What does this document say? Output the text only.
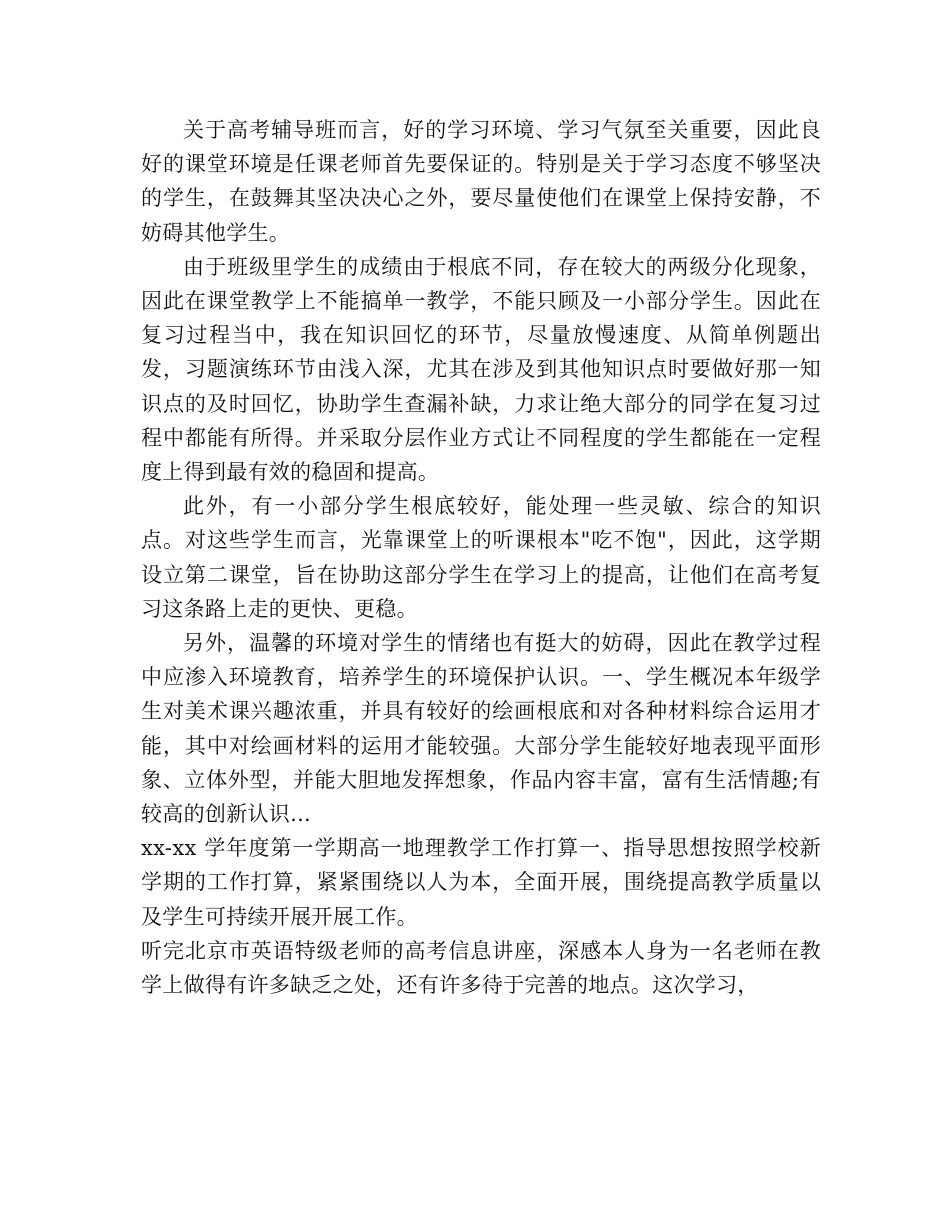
关于高考辅导班而言，好的学习环境、学习气氛至关重要，因此良好的课堂环境是任课老师首先要保证的。特别是关于学习态度不够坚决的学生，在鼓舞其坚决决心之外，要尽量使他们在课堂上保持安静，不妨碍其他学生。

由于班级里学生的成绩由于根底不同，存在较大的两级分化现象，因此在课堂教学上不能搞单一教学，不能只顾及一小部分学生。因此在复习过程当中，我在知识回忆的环节，尽量放慢速度、从简单例题出发，习题演练环节由浅入深，尤其在涉及到其他知识点时要做好那一知识点的及时回忆，协助学生查漏补缺，力求让绝大部分的同学在复习过程中都能有所得。并采取分层作业方式让不同程度的学生都能在一定程度上得到最有效的稳固和提高。

此外，有一小部分学生根底较好，能处理一些灵敏、综合的知识点。对这些学生而言，光靠课堂上的听课根本"吃不饱"，因此，这学期设立第二课堂，旨在协助这部分学生在学习上的提高，让他们在高考复习这条路上走的更快、更稳。

另外，温馨的环境对学生的情绪也有挺大的妨碍，因此在教学过程中应渗入环境教育，培养学生的环境保护认识。一、学生概况本年级学生对美术课兴趣浓重，并具有较好的绘画根底和对各种材料综合运用才能，其中对绘画材料的运用才能较强。大部分学生能较好地表现平面形象、立体外型，并能大胆地发挥想象，作品内容丰富，富有生活情趣;有较高的创新认识...

xx-xx 学年度第一学期高一地理教学工作打算一、指导思想按照学校新学期的工作打算，紧紧围绕以人为本，全面开展，围绕提高教学质量以及学生可持续开展开展工作。

听完北京市英语特级老师的高考信息讲座，深感本人身为一名老师在教学上做得有许多缺乏之处，还有许多待于完善的地点。这次学习，
